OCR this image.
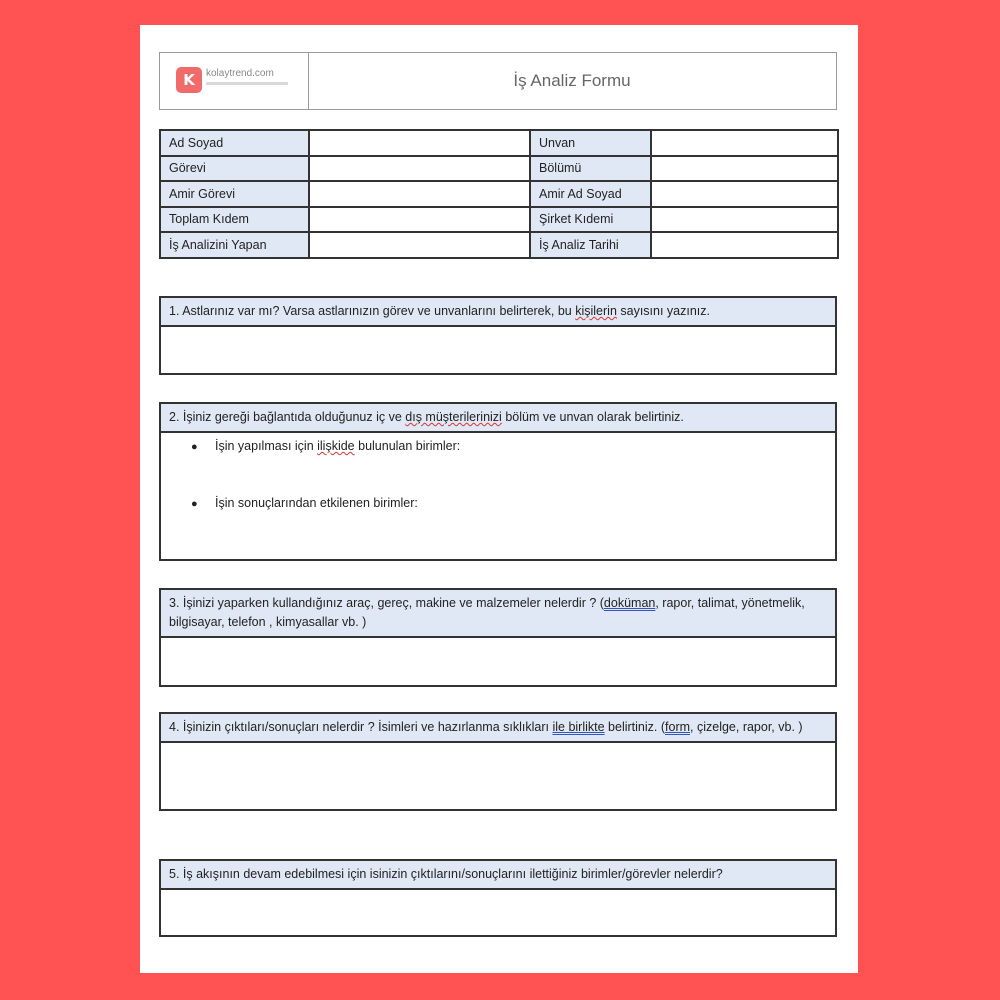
K	kolaytrend.com	İş Analiz Formu
Ad Soyad		Unvan	
Görevi		Bölümü	
Amir Görevi		Amir Ad Soyad	
Toplam Kıdem		Şirket Kıdemi	
İş Analizini Yapan		İş Analiz Tarihi	
1. Astlarınız var mı? Varsa astlarınızın görev ve unvanlarını belirterek, bu kişilerin sayısını yazınız.
2. İşiniz gereği bağlantıda olduğunuz iç ve dış müşterilerinizi bölüm ve unvan olarak belirtiniz.
● İşin yapılması için ilişkide bulunulan birimler:
● İşin sonuçlarından etkilenen birimler:
3. İşinizi yaparken kullandığınız araç, gereç, makine ve malzemeler nelerdir ? (doküman, rapor, talimat, yönetmelik, bilgisayar, telefon , kimyasallar vb. )
4. İşinizin çıktıları/sonuçları nelerdir ? İsimleri ve hazırlanma sıklıkları ile birlikte belirtiniz. (form, çizelge, rapor, vb. )
5. İş akışının devam edebilmesi için isinizin çıktılarını/sonuçlarını ilettiğiniz birimler/görevler nelerdir?
